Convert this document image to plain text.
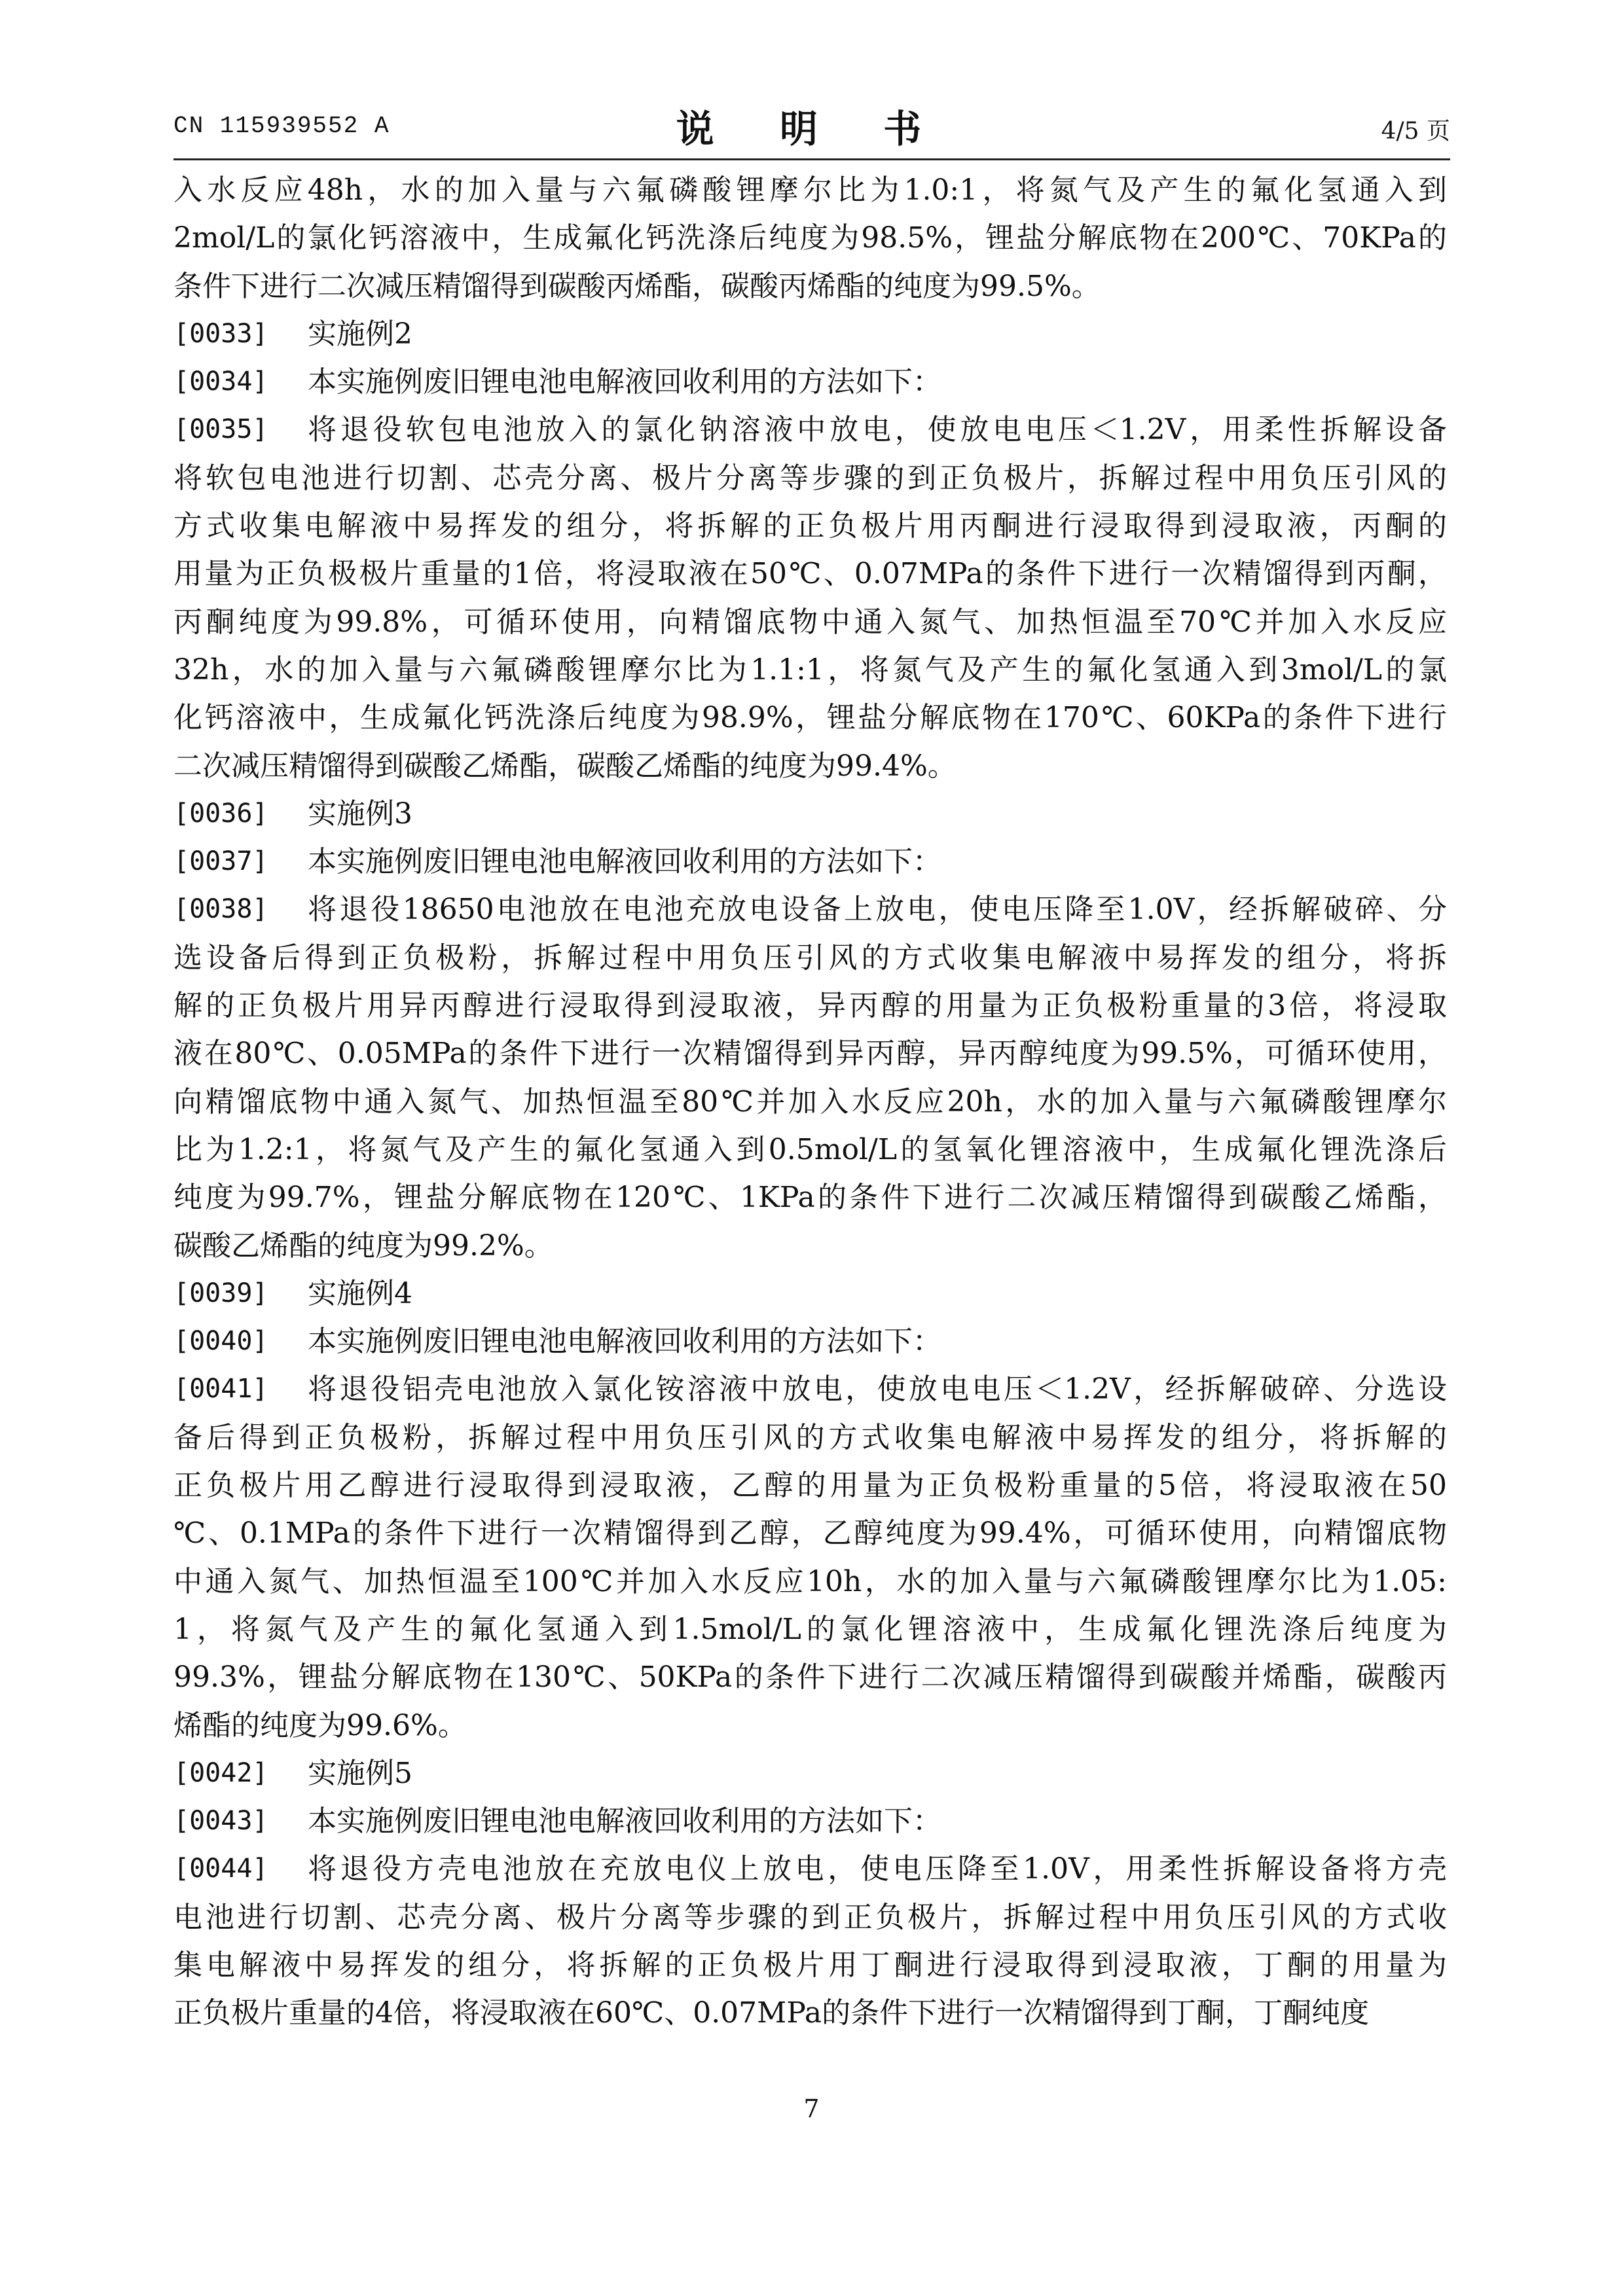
CN 115939552 A	说 明 书	4/5 页
入水反应48h，水的加入量与六氟磷酸锂摩尔比为1.0:1，将氮气及产生的氟化氢通入到
2mol/L的氯化钙溶液中，生成氟化钙洗涤后纯度为98.5%，锂盐分解底物在200℃、70KPa的
条件下进行二次减压精馏得到碳酸丙烯酯，碳酸丙烯酯的纯度为99.5%。
[0033]	实施例2
[0034]	本实施例废旧锂电池电解液回收利用的方法如下：
[0035]	将退役软包电池放入的氯化钠溶液中放电，使放电电压＜1.2V，用柔性拆解设备
将软包电池进行切割、芯壳分离、极片分离等步骤的到正负极片，拆解过程中用负压引风的
方式收集电解液中易挥发的组分，将拆解的正负极片用丙酮进行浸取得到浸取液，丙酮的
用量为正负极极片重量的1倍，将浸取液在50℃、0.07MPa的条件下进行一次精馏得到丙酮，
丙酮纯度为99.8%，可循环使用，向精馏底物中通入氮气、加热恒温至70℃并加入水反应
32h，水的加入量与六氟磷酸锂摩尔比为1.1:1，将氮气及产生的氟化氢通入到3mol/L的氯
化钙溶液中，生成氟化钙洗涤后纯度为98.9%，锂盐分解底物在170℃、60KPa的条件下进行
二次减压精馏得到碳酸乙烯酯，碳酸乙烯酯的纯度为99.4%。
[0036]	实施例3
[0037]	本实施例废旧锂电池电解液回收利用的方法如下：
[0038]	将退役18650电池放在电池充放电设备上放电，使电压降至1.0V，经拆解破碎、分
选设备后得到正负极粉，拆解过程中用负压引风的方式收集电解液中易挥发的组分，将拆
解的正负极片用异丙醇进行浸取得到浸取液，异丙醇的用量为正负极粉重量的3倍，将浸取
液在80℃、0.05MPa的条件下进行一次精馏得到异丙醇，异丙醇纯度为99.5%，可循环使用，
向精馏底物中通入氮气、加热恒温至80℃并加入水反应20h，水的加入量与六氟磷酸锂摩尔
比为1.2:1，将氮气及产生的氟化氢通入到0.5mol/L的氢氧化锂溶液中，生成氟化锂洗涤后
纯度为99.7%，锂盐分解底物在120℃、1KPa的条件下进行二次减压精馏得到碳酸乙烯酯，
碳酸乙烯酯的纯度为99.2%。
[0039]	实施例4
[0040]	本实施例废旧锂电池电解液回收利用的方法如下：
[0041]	将退役铝壳电池放入氯化铵溶液中放电，使放电电压＜1.2V，经拆解破碎、分选设
备后得到正负极粉，拆解过程中用负压引风的方式收集电解液中易挥发的组分，将拆解的
正负极片用乙醇进行浸取得到浸取液，乙醇的用量为正负极粉重量的5倍，将浸取液在50
℃、0.1MPa的条件下进行一次精馏得到乙醇，乙醇纯度为99.4%，可循环使用，向精馏底物
中通入氮气、加热恒温至100℃并加入水反应10h，水的加入量与六氟磷酸锂摩尔比为1.05:
1，将氮气及产生的氟化氢通入到1.5mol/L的氯化锂溶液中，生成氟化锂洗涤后纯度为
99.3%，锂盐分解底物在130℃、50KPa的条件下进行二次减压精馏得到碳酸并烯酯，碳酸丙
烯酯的纯度为99.6%。
[0042]	实施例5
[0043]	本实施例废旧锂电池电解液回收利用的方法如下：
[0044]	将退役方壳电池放在充放电仪上放电，使电压降至1.0V，用柔性拆解设备将方壳
电池进行切割、芯壳分离、极片分离等步骤的到正负极片，拆解过程中用负压引风的方式收
集电解液中易挥发的组分，将拆解的正负极片用丁酮进行浸取得到浸取液，丁酮的用量为
正负极片重量的4倍，将浸取液在60℃、0.07MPa的条件下进行一次精馏得到丁酮，丁酮纯度
7
